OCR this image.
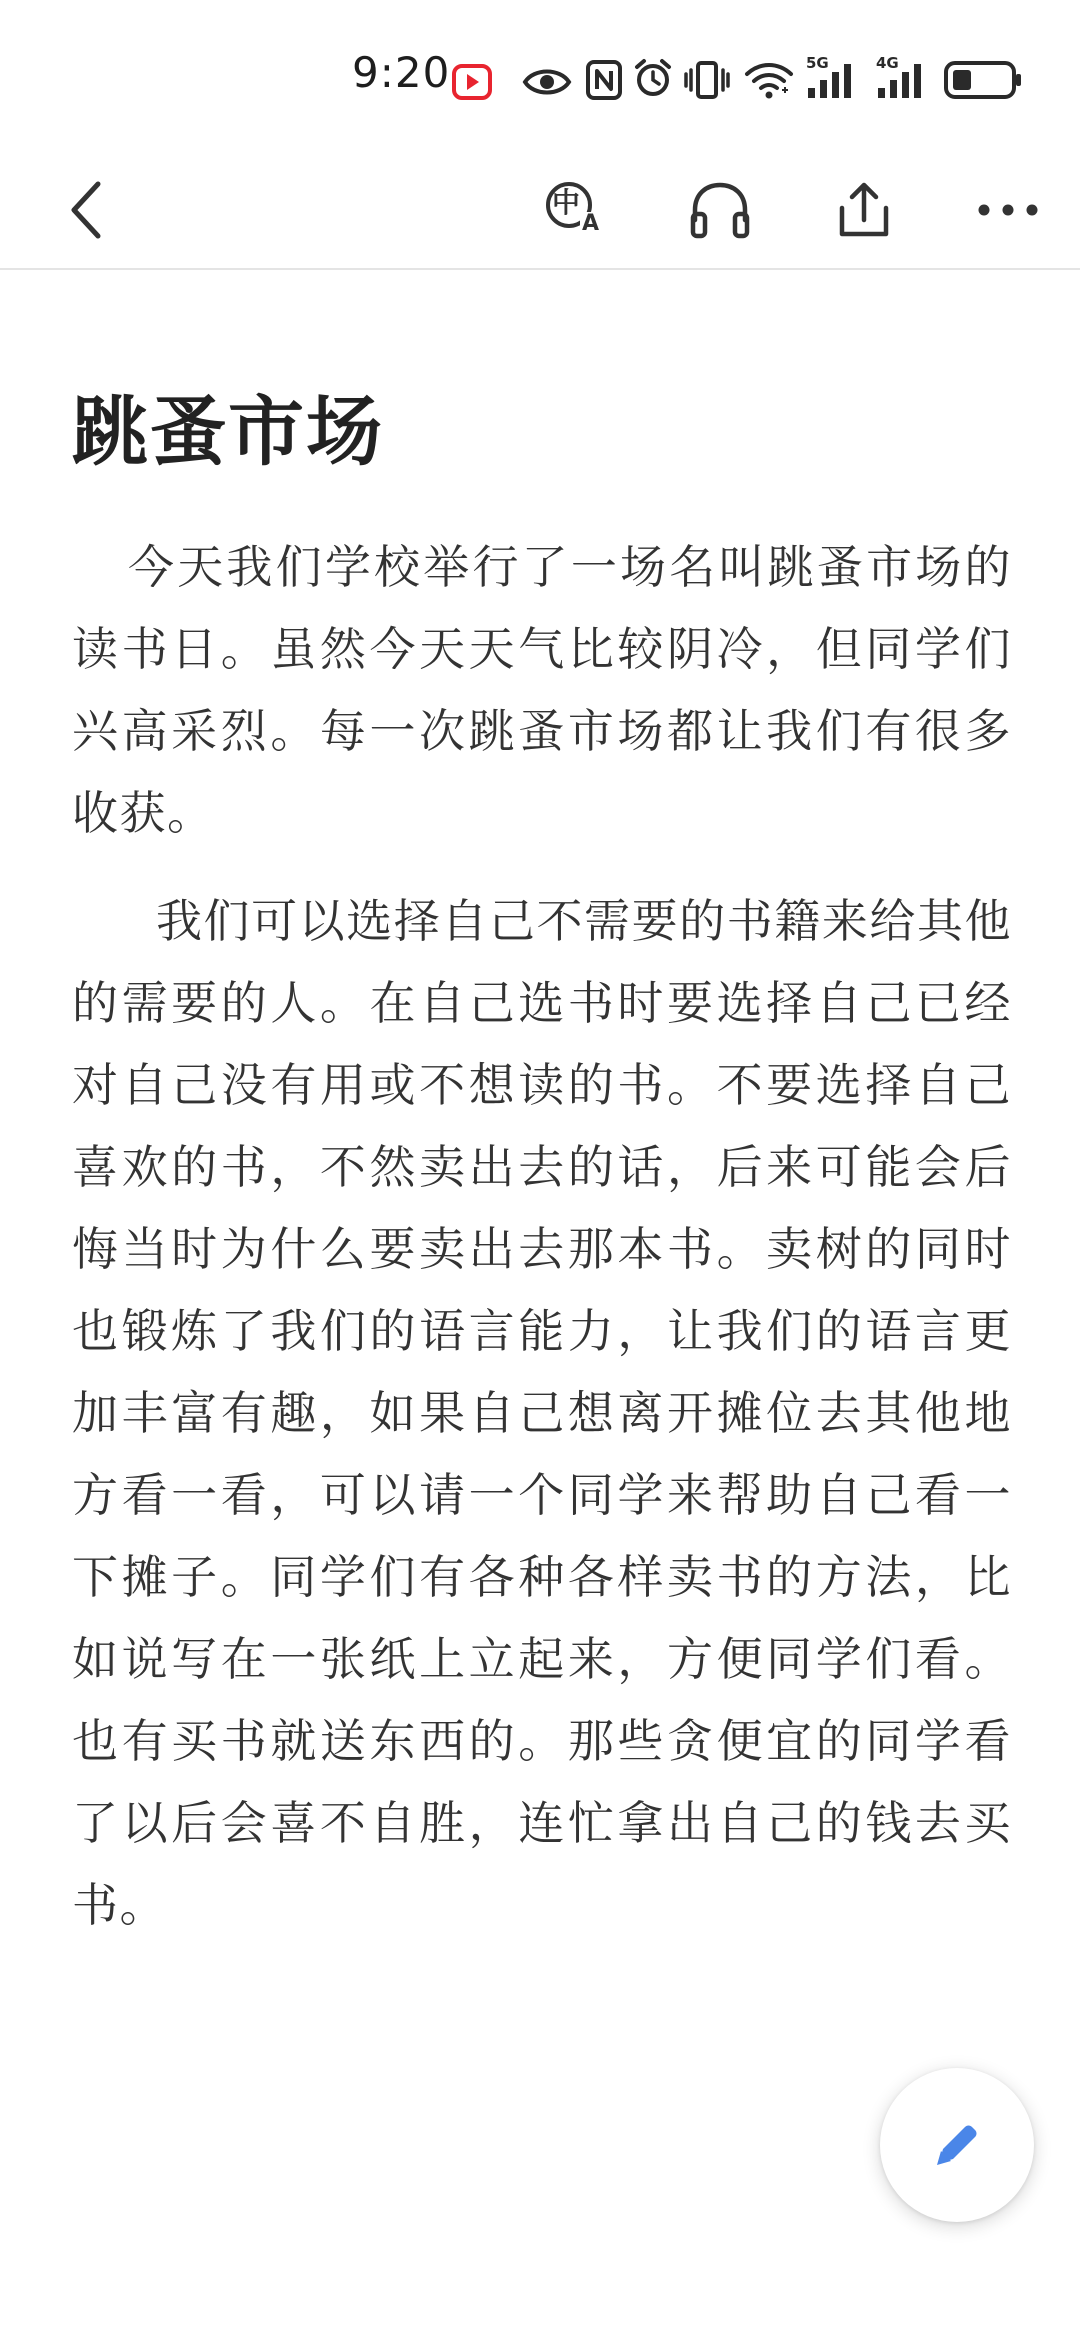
9:20	5G	4G
中
A
跳蚤市场

今天我们学校举行了一场名叫跳蚤市场的读书日。虽然今天天气比较阴冷，但同学们兴高采烈。每一次跳蚤市场都让我们有很多收获。

我们可以选择自己不需要的书籍来给其他的需要的人。在自己选书时要选择自己已经对自己没有用或不想读的书。不要选择自己喜欢的书，不然卖出去的话，后来可能会后悔当时为什么要卖出去那本书。卖树的同时也锻炼了我们的语言能力，让我们的语言更加丰富有趣，如果自己想离开摊位去其他地方看一看，可以请一个同学来帮助自己看一下摊子。同学们有各种各样卖书的方法，比如说写在一张纸上立起来，方便同学们看。也有买书就送东西的。那些贪便宜的同学看了以后会喜不自胜，连忙拿出自己的钱去买书。
